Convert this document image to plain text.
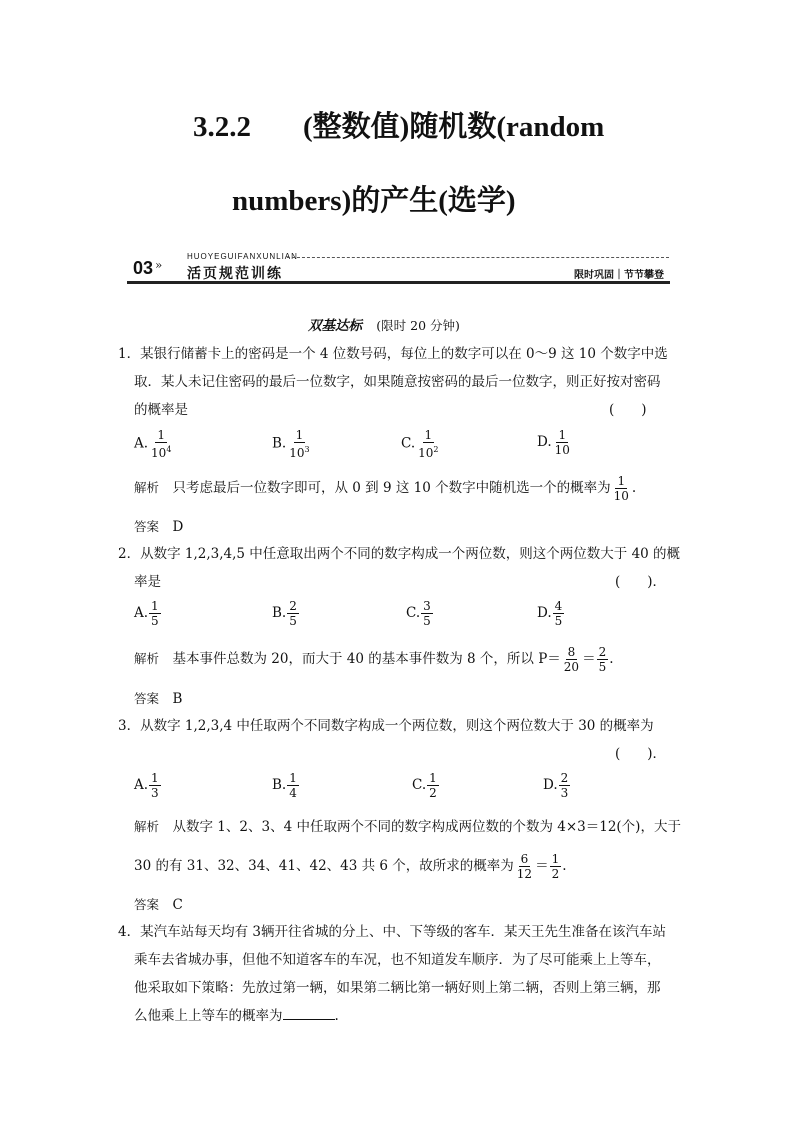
3.2.2 (整数值)随机数(random
numbers)的产生(选学)
03 »
HUOYEGUIFANXUNLIAN
活页规范训练	限时巩固｜节节攀登
双基达标 (限时 20 分钟)
1．某银行储蓄卡上的密码是一个 4 位数号码，每位上的数字可以在 0～9 这 10 个数字中选
取．某人未记住密码的最后一位数字，如果随意按密码的最后一位数字，则正好按对密码
的概率是	(　　)
A. $\frac{1}{10^4}$	B. $\frac{1}{10^3}$	C. $\frac{1}{10^2}$	D. $\frac{1}{10}$
解析　 只考虑最后一位数字即可，从 0 到 9 这 10 个数字中随机选一个的概率为 $\frac{1}{10}$ .
答案　 D
2．从数字 1,2,3,4,5 中任意取出两个不同的数字构成一个两位数，则这个两位数大于 40 的概
率是	(　　)．
A. $\frac{1}{5}$	B. $\frac{2}{5}$	C. $\frac{3}{5}$	D. $\frac{4}{5}$
解析　 基本事件总数为 20，而大于 40 的基本事件数为 8 个，所以 $P= \frac{8}{20} = \frac{2}{5}$ .
答案　 B
3．从数字 1,2,3,4 中任取两个不同数字构成一个两位数，则这个两位数大于 30 的概率为
(　　)．
A. $\frac{1}{3}$	B. $\frac{1}{4}$	C. $\frac{1}{2}$	D. $\frac{2}{3}$
解析　 从数字 1、2、3、4 中任取两个不同的数字构成两位数的个数为 4×3＝12(个)，大于
30 的有 31、32、34、41、42、43 共 6 个，故所求的概率为 $\frac{6}{12} = \frac{1}{2}$ .
答案　 C
4．某汽车站每天均有 3辆开往省城的分上、中、下等级的客车．某天王先生准备在该汽车站
乘车去省城办事，但他不知道客车的车况，也不知道发车顺序．为了尽可能乘上上等车，
他采取如下策略：先放过第一辆，如果第二辆比第一辆好则上第二辆，否则上第三辆，那
么他乘上上等车的概率为	.
